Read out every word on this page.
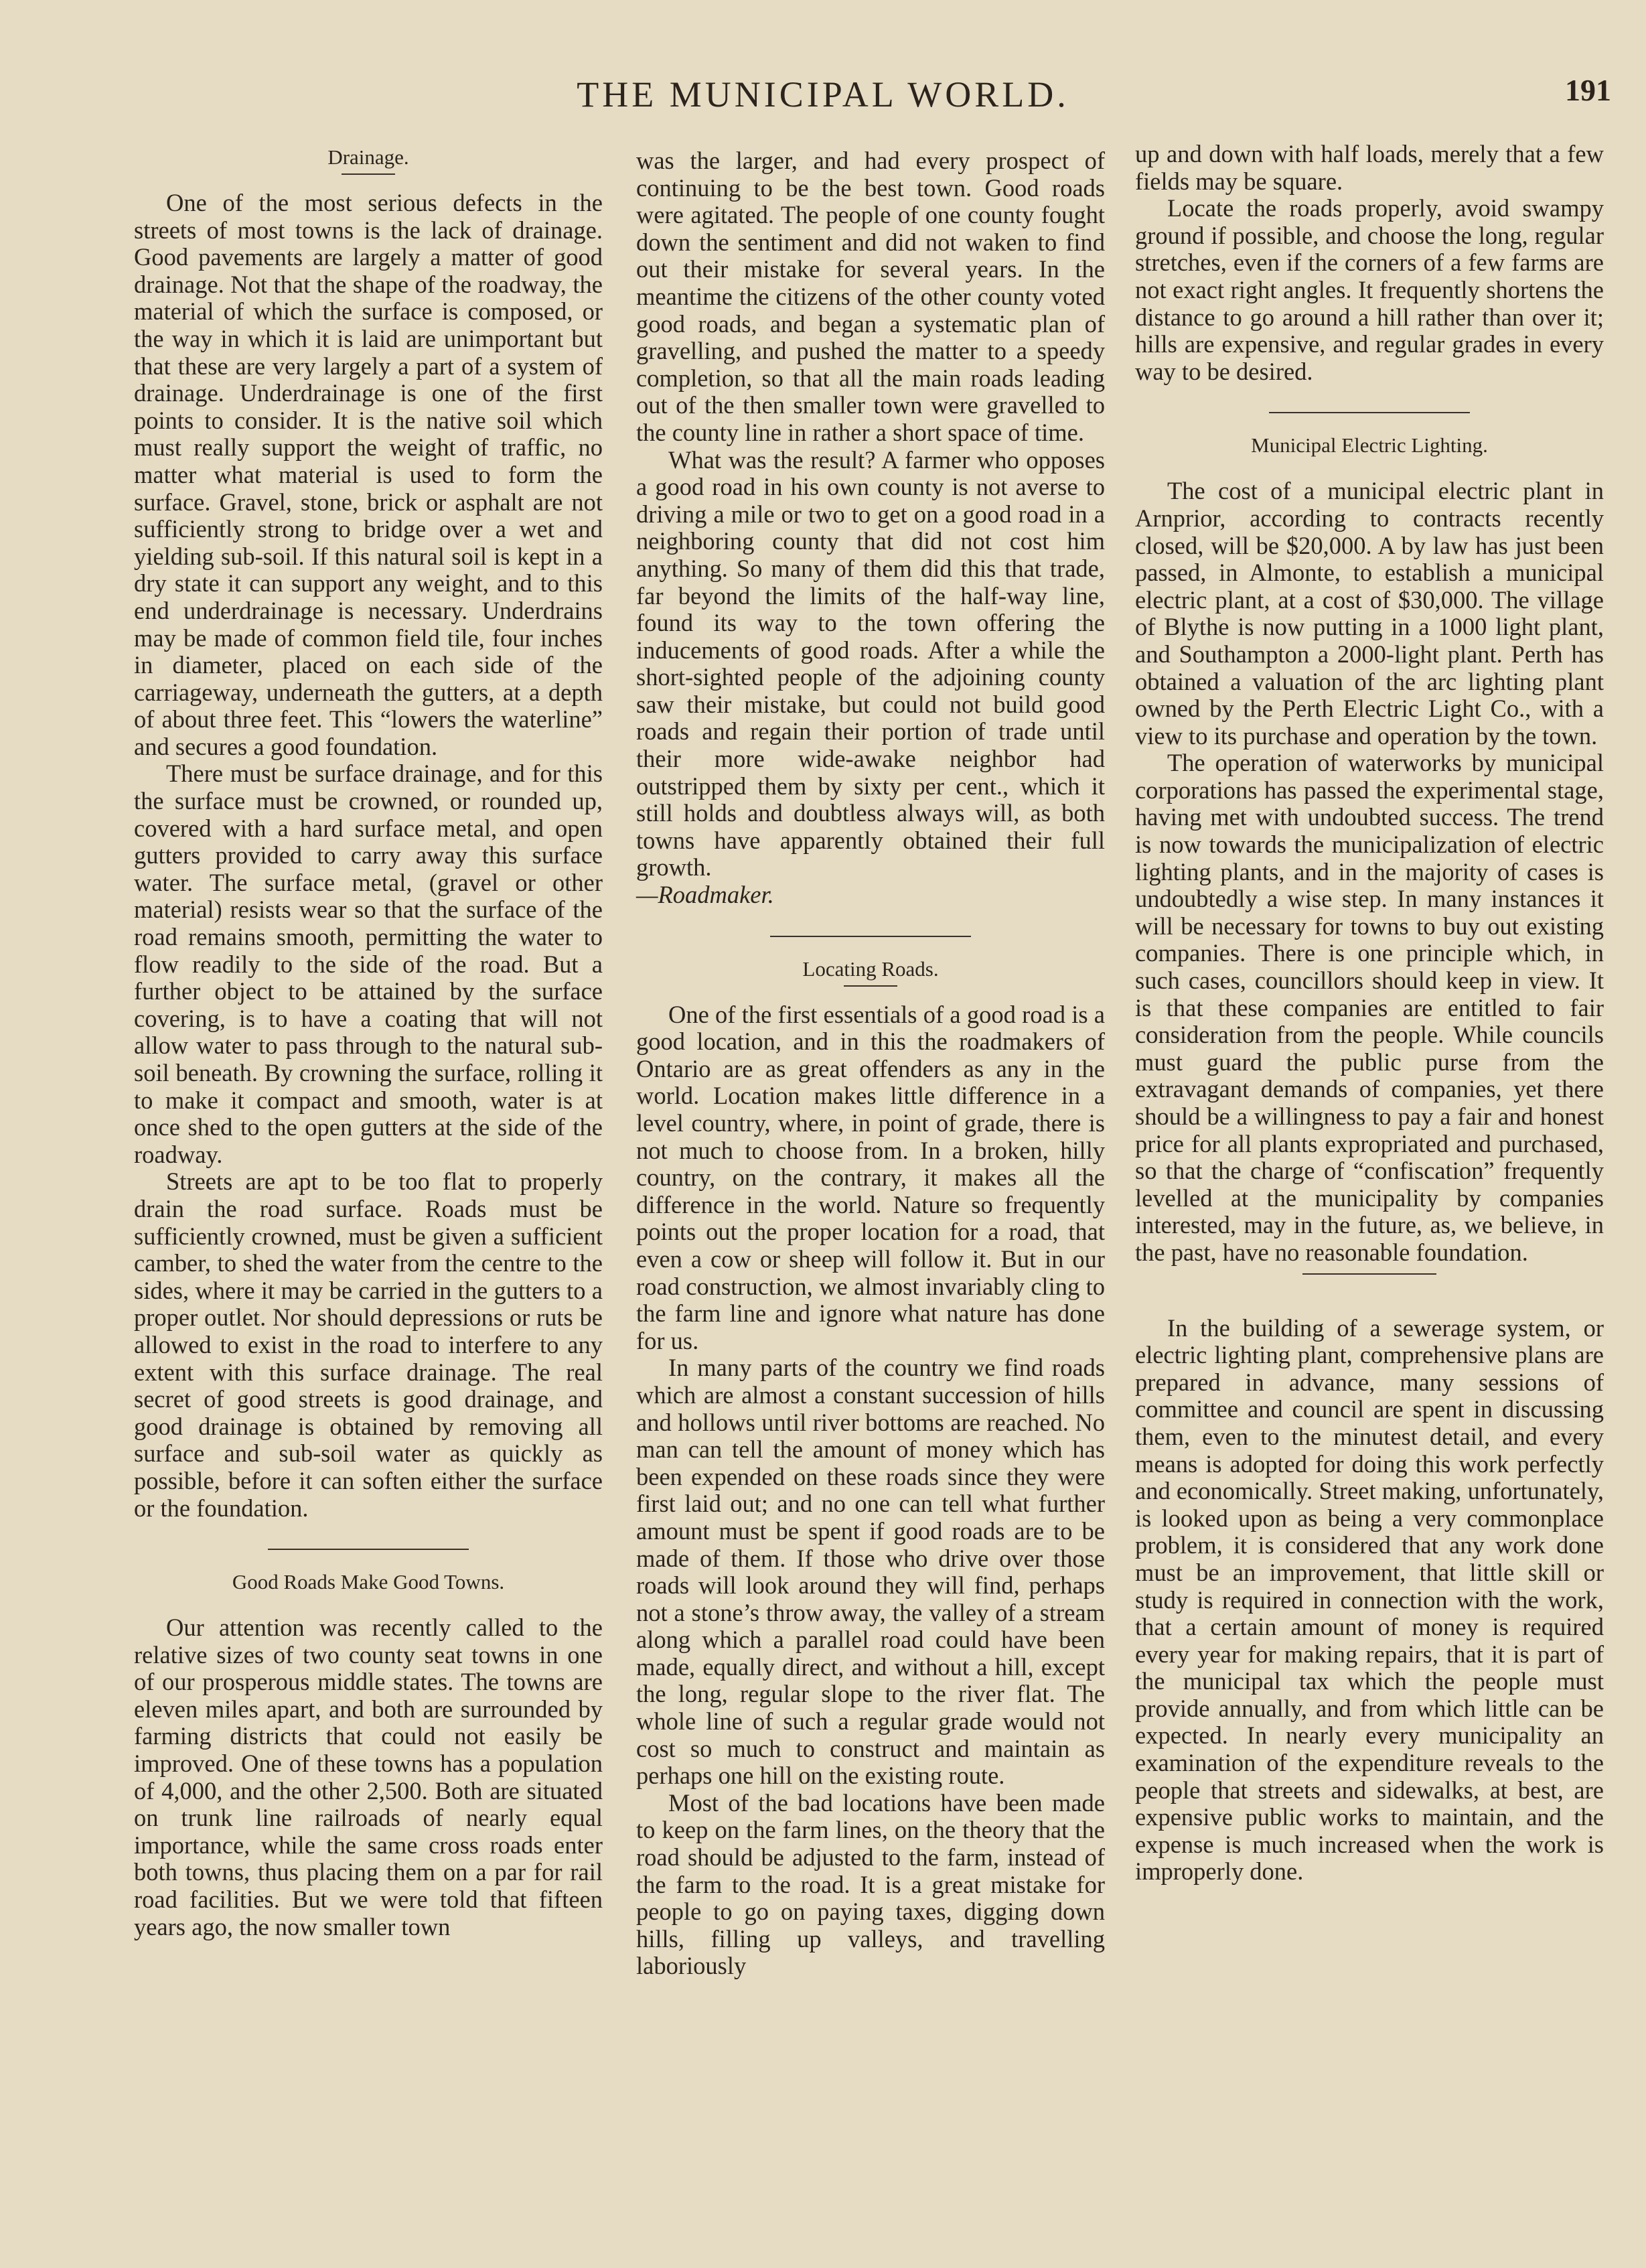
THE MUNICIPAL WORLD.	191
Drainage.

One of the most serious defects in the streets of most towns is the lack of drainage. Good pavements are largely a matter of good drainage. Not that the shape of the roadway, the material of which the surface is composed, or the way in which it is laid are unimportant but that these are very largely a part of a system of drainage. Underdrainage is one of the first points to consider. It is the native soil which must really support the weight of traffic, no matter what material is used to form the surface. Gravel, stone, brick or asphalt are not sufficiently strong to bridge over a wet and yielding sub-soil. If this natural soil is kept in a dry state it can support any weight, and to this end underdrainage is necessary. Underdrains may be made of common field tile, four inches in diameter, placed on each side of the carriageway, underneath the gutters, at a depth of about three feet. This “lowers the waterline” and secures a good foundation.

There must be surface drainage, and for this the surface must be crowned, or rounded up, covered with a hard surface metal, and open gutters provided to carry away this surface water. The surface metal, (gravel or other material) resists wear so that the surface of the road remains smooth, permitting the water to flow readily to the side of the road. But a further object to be attained by the surface covering, is to have a coating that will not allow water to pass through to the natural sub-soil beneath. By crowning the surface, rolling it to make it compact and smooth, water is at once shed to the open gutters at the side of the roadway.

Streets are apt to be too flat to properly drain the road surface. Roads must be sufficiently crowned, must be given a sufficient camber, to shed the water from the centre to the sides, where it may be carried in the gutters to a proper outlet. Nor should depressions or ruts be allowed to exist in the road to interfere to any extent with this surface drainage. The real secret of good streets is good drainage, and good drainage is obtained by removing all surface and sub-soil water as quickly as possible, before it can soften either the surface or the foundation.

Good Roads Make Good Towns.

Our attention was recently called to the relative sizes of two county seat towns in one of our prosperous middle states. The towns are eleven miles apart, and both are surrounded by farming districts that could not easily be improved. One of these towns has a population of 4,000, and the other 2,500. Both are situated on trunk line railroads of nearly equal importance, while the same cross roads enter both towns, thus placing them on a par for rail road facilities. But we were told that fifteen years ago, the now smaller town

was the larger, and had every prospect of continuing to be the best town. Good roads were agitated. The people of one county fought down the sentiment and did not waken to find out their mistake for several years. In the meantime the citizens of the other county voted good roads, and began a systematic plan of gravelling, and pushed the matter to a speedy completion, so that all the main roads leading out of the then smaller town were gravelled to the county line in rather a short space of time.

What was the result? A farmer who opposes a good road in his own county is not averse to driving a mile or two to get on a good road in a neighboring county that did not cost him anything. So many of them did this that trade, far beyond the limits of the half-way line, found its way to the town offering the inducements of good roads. After a while the short-sighted people of the adjoining county saw their mistake, but could not build good roads and regain their portion of trade until their more wide-awake neighbor had outstripped them by sixty per cent., which it still holds and doubtless always will, as both towns have apparently obtained their full growth.

—Roadmaker.

Locating Roads.

One of the first essentials of a good road is a good location, and in this the roadmakers of Ontario are as great offenders as any in the world. Location makes little difference in a level country, where, in point of grade, there is not much to choose from. In a broken, hilly country, on the contrary, it makes all the difference in the world. Nature so frequently points out the proper location for a road, that even a cow or sheep will follow it. But in our road construction, we almost invariably cling to the farm line and ignore what nature has done for us.

In many parts of the country we find roads which are almost a constant succession of hills and hollows until river bottoms are reached. No man can tell the amount of money which has been expended on these roads since they were first laid out; and no one can tell what further amount must be spent if good roads are to be made of them. If those who drive over those roads will look around they will find, perhaps not a stone’s throw away, the valley of a stream along which a parallel road could have been made, equally direct, and without a hill, except the long, regular slope to the river flat. The whole line of such a regular grade would not cost so much to construct and maintain as perhaps one hill on the existing route.

Most of the bad locations have been made to keep on the farm lines, on the theory that the road should be adjusted to the farm, instead of the farm to the road. It is a great mistake for people to go on paying taxes, digging down hills, filling up valleys, and travelling laboriously

up and down with half loads, merely that a few fields may be square.

Locate the roads properly, avoid swampy ground if possible, and choose the long, regular stretches, even if the corners of a few farms are not exact right angles. It frequently shortens the distance to go around a hill rather than over it; hills are expensive, and regular grades in every way to be desired.

Municipal Electric Lighting.

The cost of a municipal electric plant in Arnprior, according to contracts recently closed, will be $20,000. A by law has just been passed, in Almonte, to establish a municipal electric plant, at a cost of $30,000. The village of Blythe is now putting in a 1000 light plant, and Southampton a 2000-light plant. Perth has obtained a valuation of the arc lighting plant owned by the Perth Electric Light Co., with a view to its purchase and operation by the town.

The operation of waterworks by municipal corporations has passed the experimental stage, having met with undoubted success. The trend is now towards the municipalization of electric lighting plants, and in the majority of cases is undoubtedly a wise step. In many instances it will be necessary for towns to buy out existing companies. There is one principle which, in such cases, councillors should keep in view. It is that these companies are entitled to fair consideration from the people. While councils must guard the public purse from the extravagant demands of companies, yet there should be a willingness to pay a fair and honest price for all plants expropriated and purchased, so that the charge of “confiscation” frequently levelled at the municipality by companies interested, may in the future, as, we believe, in the past, have no reasonable foundation.

In the building of a sewerage system, or electric lighting plant, comprehensive plans are prepared in advance, many sessions of committee and council are spent in discussing them, even to the minutest detail, and every means is adopted for doing this work perfectly and economically. Street making, unfortunately, is looked upon as being a very commonplace problem, it is considered that any work done must be an improvement, that little skill or study is required in connection with the work, that a certain amount of money is required every year for making repairs, that it is part of the municipal tax which the people must provide annually, and from which little can be expected. In nearly every municipality an examination of the expenditure reveals to the people that streets and sidewalks, at best, are expensive public works to maintain, and the expense is much increased when the work is improperly done.
